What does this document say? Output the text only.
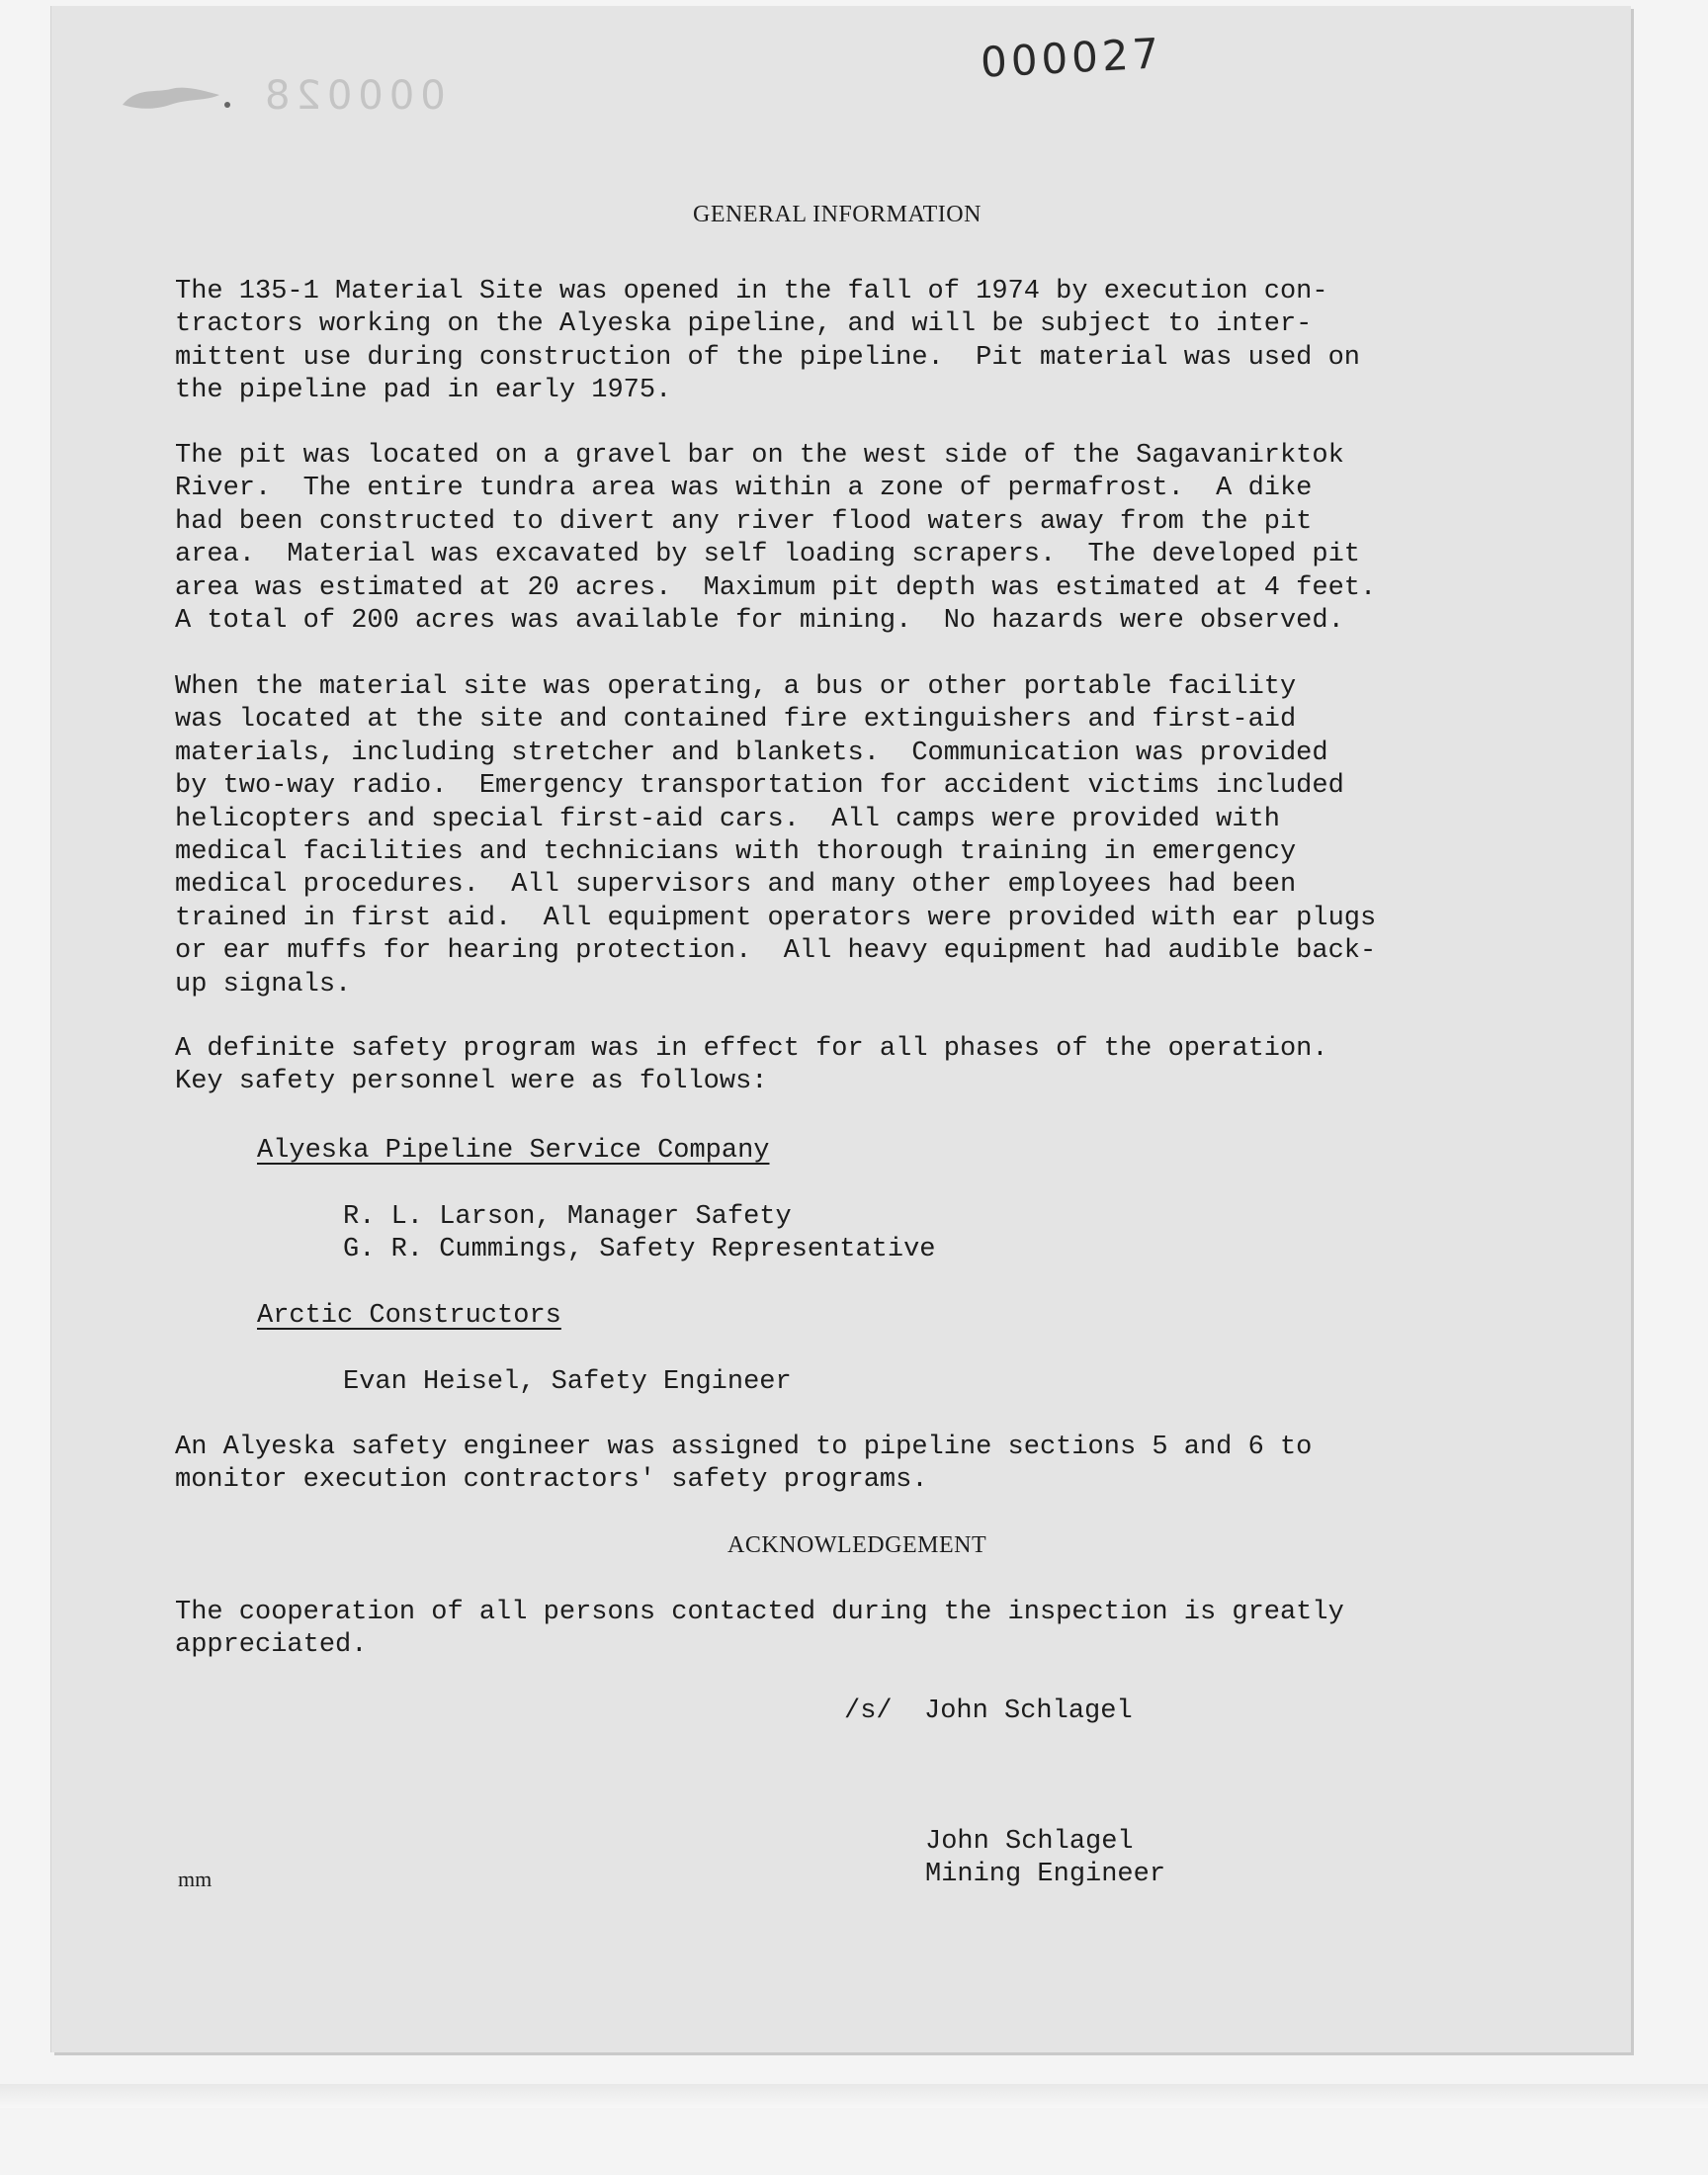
000028
000027
GENERAL INFORMATION
The 135-1 Material Site was opened in the fall of 1974 by execution con-
tractors working on the Alyeska pipeline, and will be subject to inter-
mittent use during construction of the pipeline.  Pit material was used on
the pipeline pad in early 1975.
The pit was located on a gravel bar on the west side of the Sagavanirktok
River.  The entire tundra area was within a zone of permafrost.  A dike
had been constructed to divert any river flood waters away from the pit
area.  Material was excavated by self loading scrapers.  The developed pit
area was estimated at 20 acres.  Maximum pit depth was estimated at 4 feet.
A total of 200 acres was available for mining.  No hazards were observed.
When the material site was operating, a bus or other portable facility
was located at the site and contained fire extinguishers and first-aid
materials, including stretcher and blankets.  Communication was provided
by two-way radio.  Emergency transportation for accident victims included
helicopters and special first-aid cars.  All camps were provided with
medical facilities and technicians with thorough training in emergency
medical procedures.  All supervisors and many other employees had been
trained in first aid.  All equipment operators were provided with ear plugs
or ear muffs for hearing protection.  All heavy equipment had audible back-
up signals.
A definite safety program was in effect for all phases of the operation.
Key safety personnel were as follows:
Alyeska Pipeline Service Company
R. L. Larson, Manager Safety
G. R. Cummings, Safety Representative
Arctic Constructors
Evan Heisel, Safety Engineer
An Alyeska safety engineer was assigned to pipeline sections 5 and 6 to
monitor execution contractors' safety programs.
ACKNOWLEDGEMENT
The cooperation of all persons contacted during the inspection is greatly
appreciated.
/s/  John Schlagel
John Schlagel
Mining Engineer
mm
